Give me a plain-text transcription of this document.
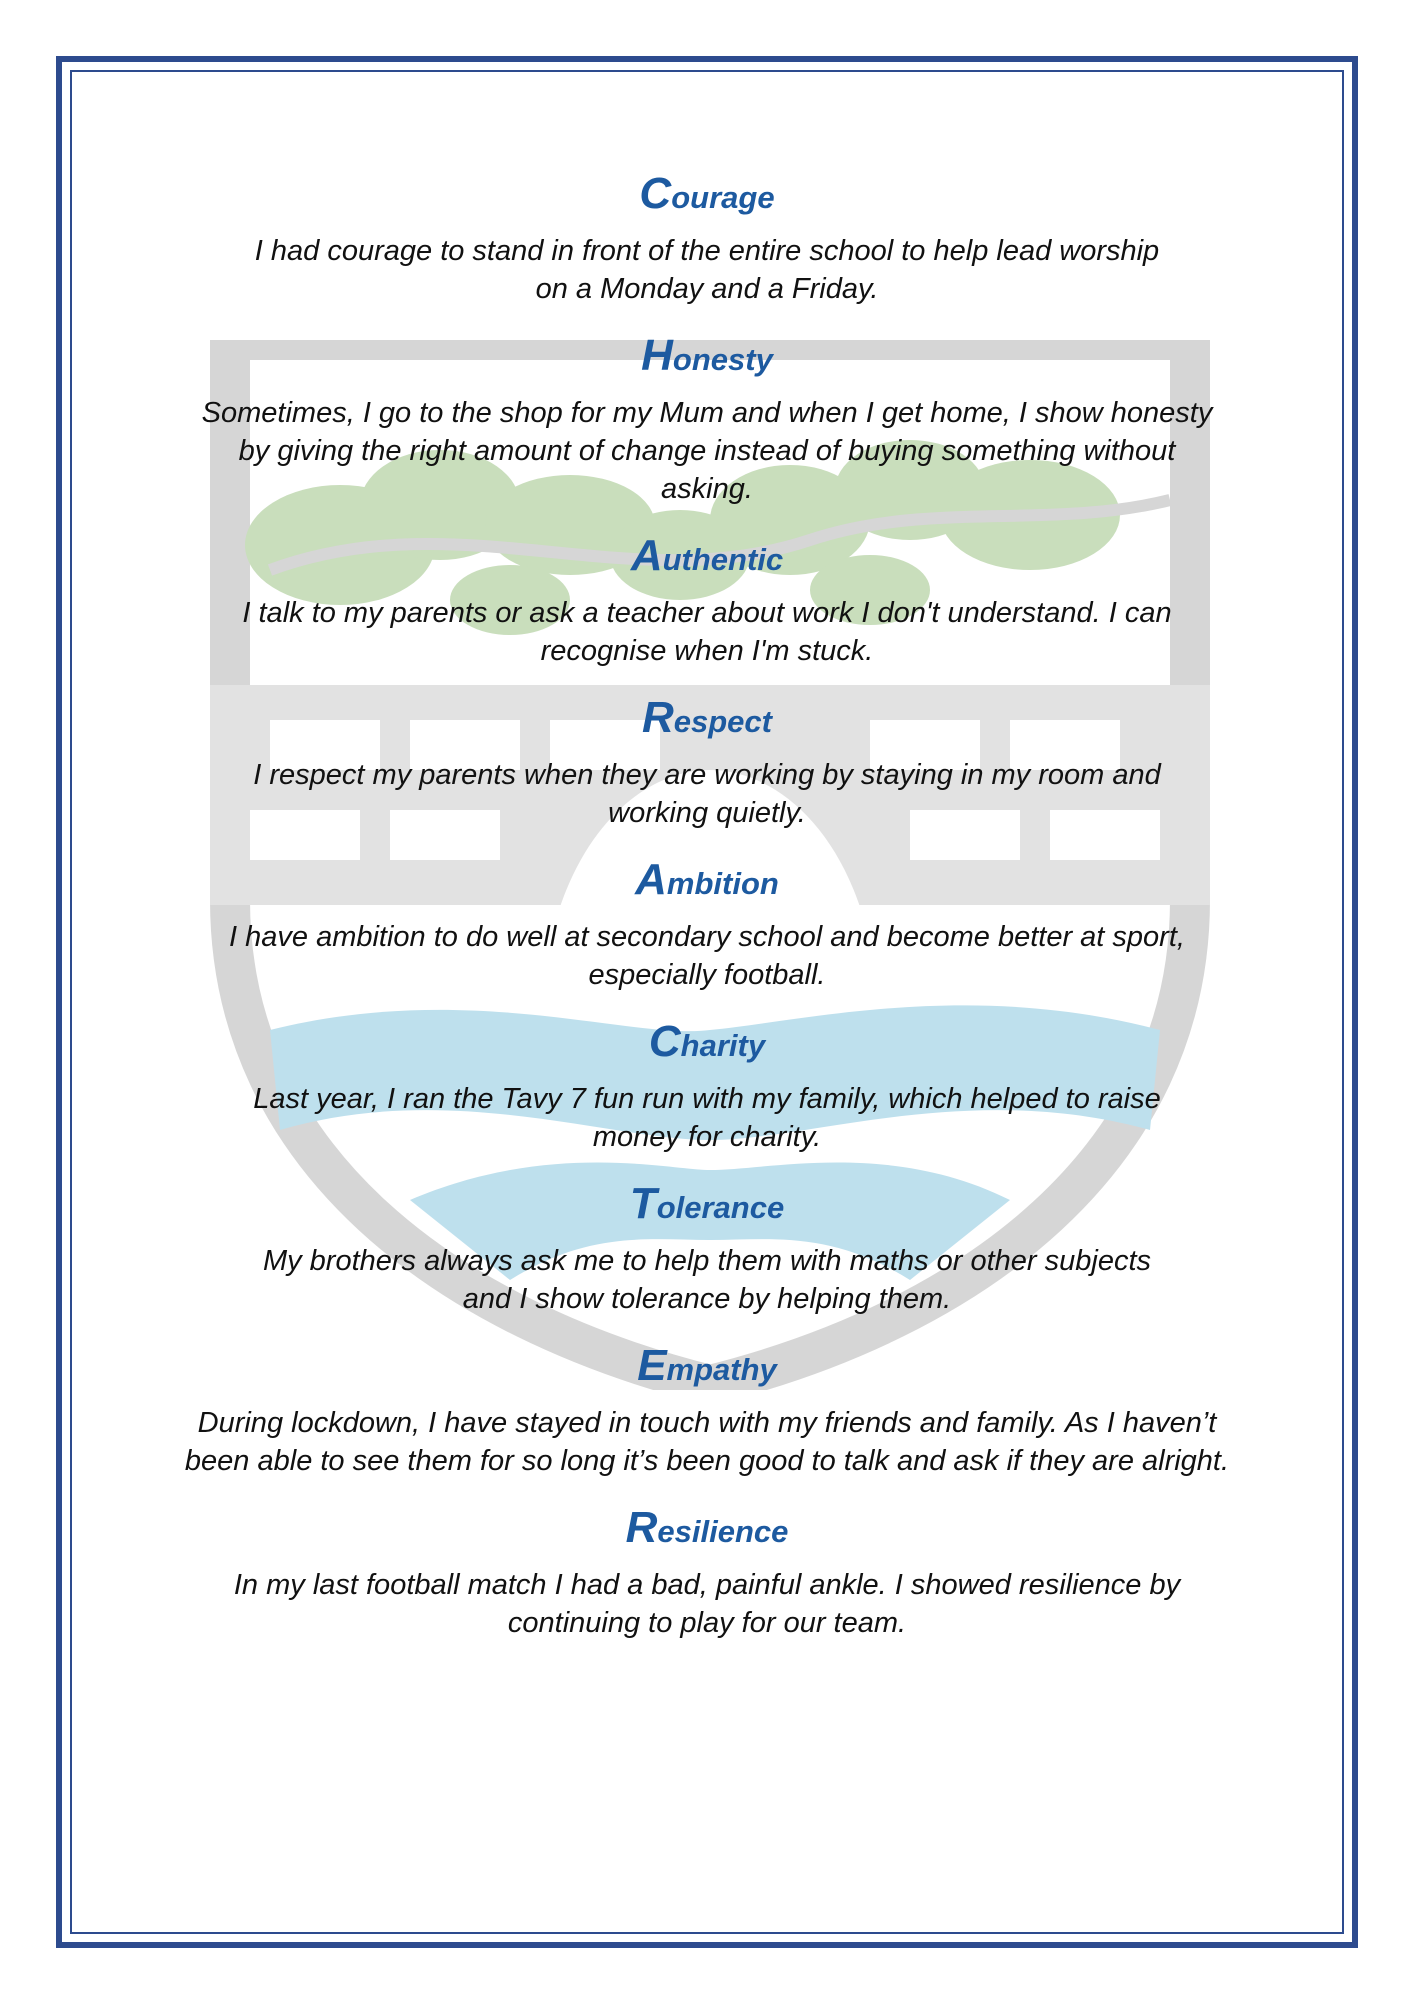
Courage

I had courage to stand in front of the entire school to help lead worship on a Monday and a Friday.

Honesty

Sometimes, I go to the shop for my Mum and when I get home, I show honesty by giving the right amount of change instead of buying something without asking.

Authentic

I talk to my parents or ask a teacher about work I don't understand. I can recognise when I'm stuck.

Respect

I respect my parents when they are working by staying in my room and working quietly.

Ambition

I have ambition to do well at secondary school and become better at sport, especially football.

Charity

Last year, I ran the Tavy 7 fun run with my family, which helped to raise money for charity.

Tolerance

My brothers always ask me to help them with maths or other subjects and I show tolerance by helping them.

Empathy

During lockdown, I have stayed in touch with my friends and family. As I haven’t been able to see them for so long it’s been good to talk and ask if they are alright.

Resilience

In my last football match I had a bad, painful ankle. I showed resilience by continuing to play for our team.
